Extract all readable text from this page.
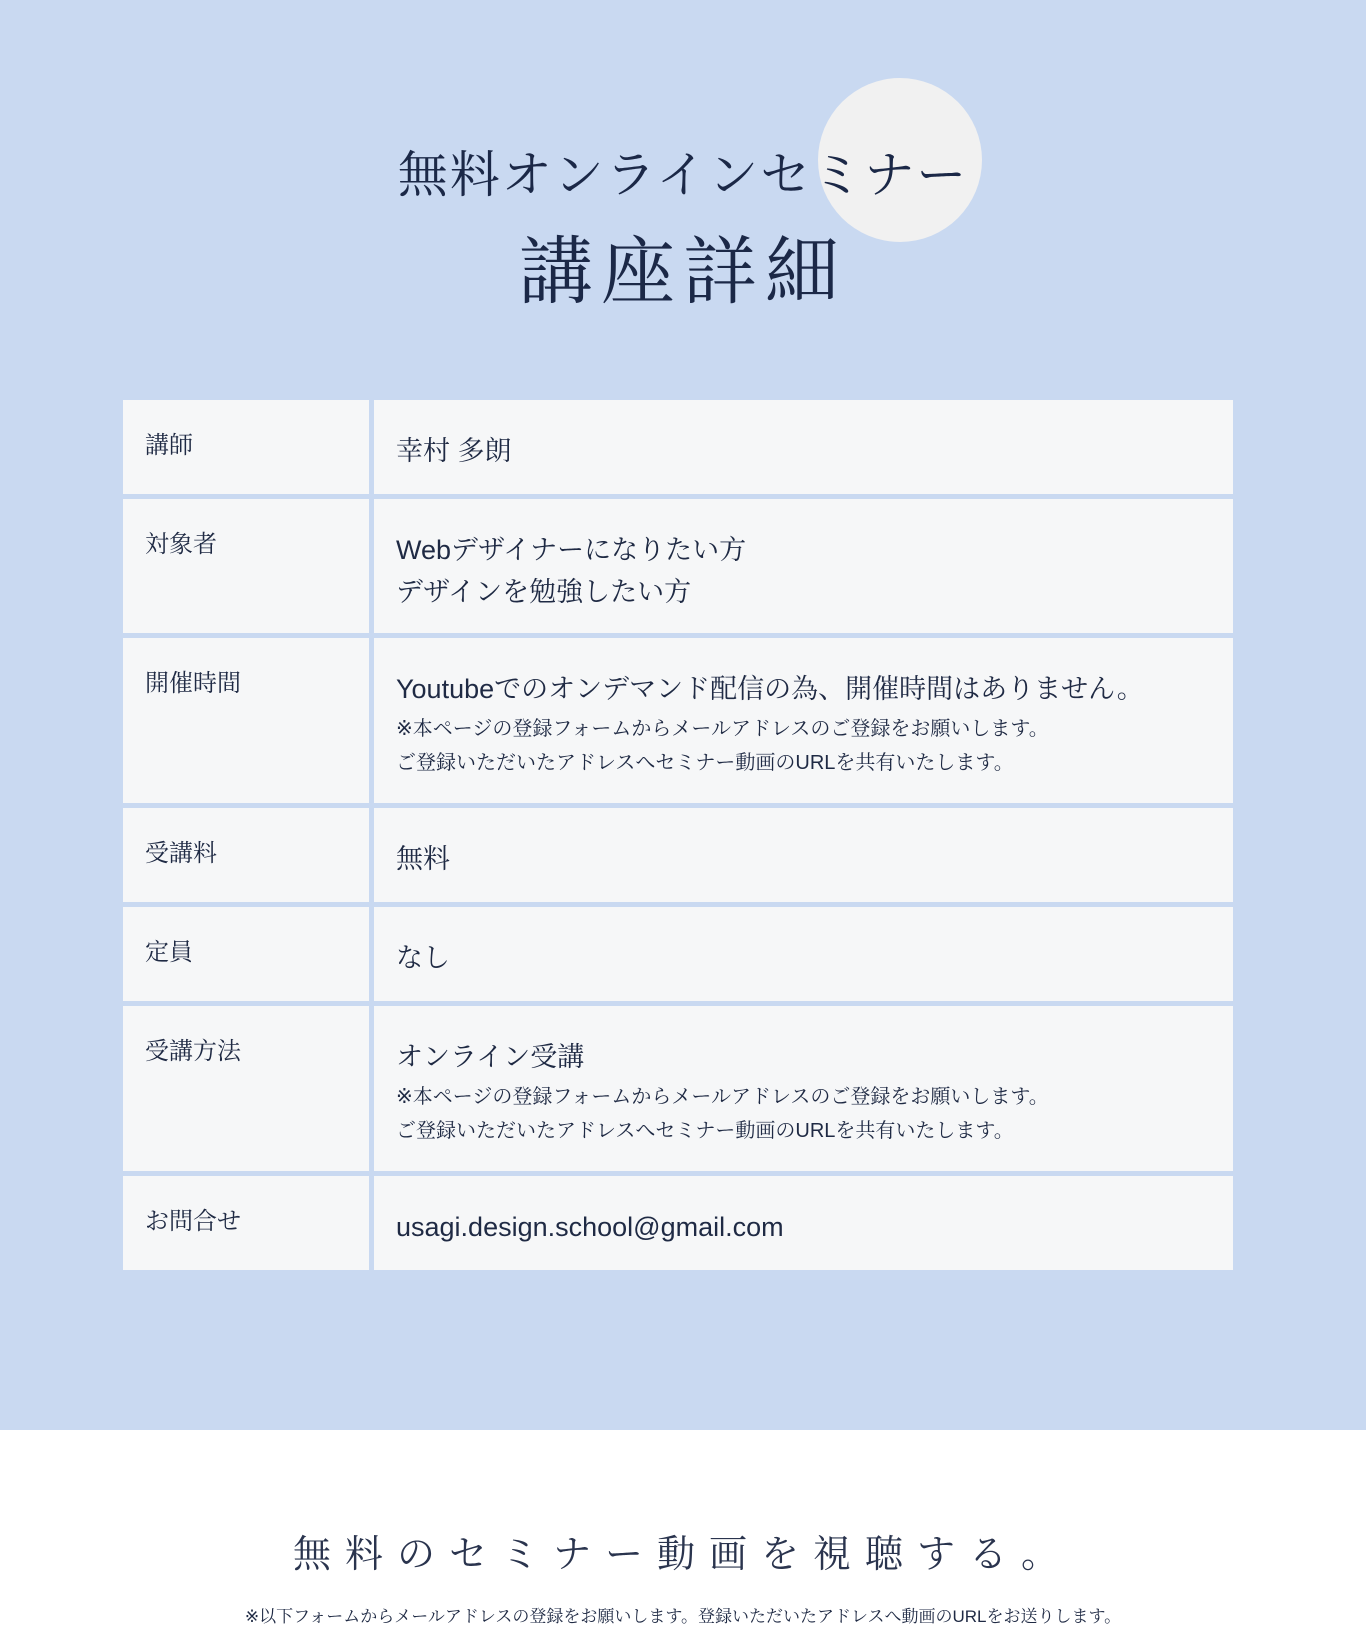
無料オンラインセミナー
講座詳細
講師	幸村 多朗

対象者	Webデザイナーになりたい方
デザインを勉強したい方

開催時間	Youtubeでのオンデマンド配信の為、開催時間はありません。
※本ページの登録フォームからメールアドレスのご登録をお願いします。
ご登録いただいたアドレスへセミナー動画のURLを共有いたします。

受講料	無料

定員	なし

受講方法	オンライン受講
※本ページの登録フォームからメールアドレスのご登録をお願いします。
ご登録いただいたアドレスへセミナー動画のURLを共有いたします。

お問合せ	usagi.design.school@gmail.com
無料のセミナー動画を視聴する。
※以下フォームからメールアドレスの登録をお願いします。登録いただいたアドレスへ動画のURLをお送りします。
